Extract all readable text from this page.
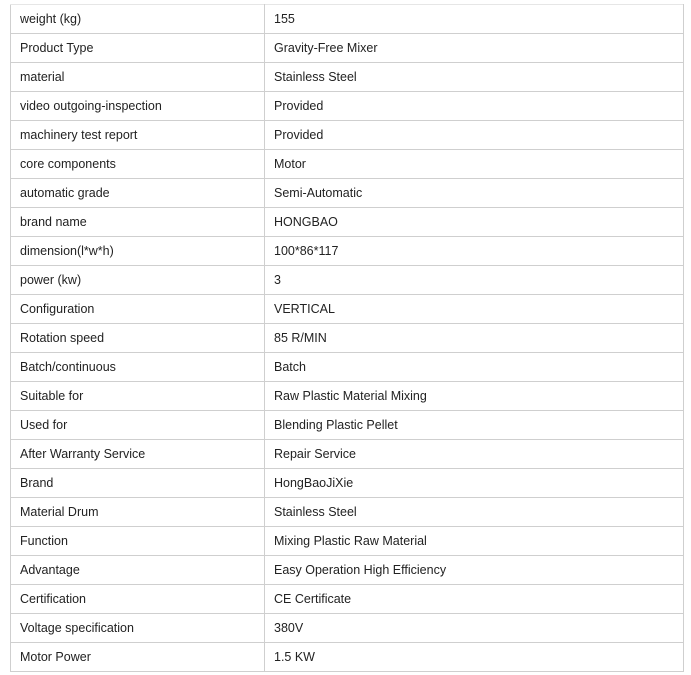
weight (kg)	155
Product Type	Gravity-Free Mixer
material	Stainless Steel
video outgoing-inspection	Provided
machinery test report	Provided
core components	Motor
automatic grade	Semi-Automatic
brand name	HONGBAO
dimension(l*w*h)	100*86*117
power (kw)	3
Configuration	VERTICAL
Rotation speed	85 R/MIN
Batch/continuous	Batch
Suitable for	Raw Plastic Material Mixing
Used for	Blending Plastic Pellet
After Warranty Service	Repair Service
Brand	HongBaoJiXie
Material Drum	Stainless Steel
Function	Mixing Plastic Raw Material
Advantage	Easy Operation High Efficiency
Certification	CE Certificate
Voltage specification	380V
Motor Power	1.5 KW
